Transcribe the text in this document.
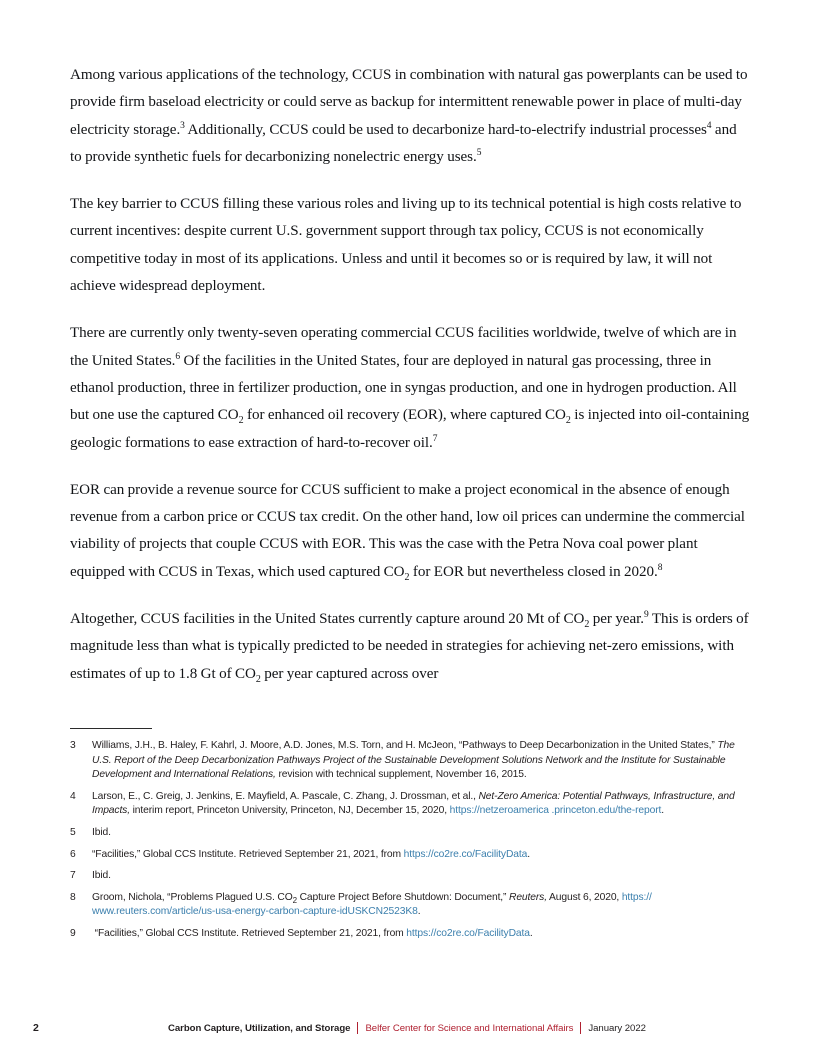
Among various applications of the technology, CCUS in combination with natural gas powerplants can be used to provide firm baseload electricity or could serve as backup for intermittent renewable power in place of multi-day electricity storage.$^3$ Additionally, CCUS could be used to decarbonize hard-to-electrify industrial processes$^4$ and to provide synthetic fuels for decarbonizing nonelectric energy uses.$^5$

The key barrier to CCUS filling these various roles and living up to its technical potential is high costs relative to current incentives: despite current U.S. government support through tax policy, CCUS is not economically competitive today in most of its applications. Unless and until it becomes so or is required by law, it will not achieve widespread deployment.

There are currently only twenty-seven operating commercial CCUS facilities worldwide, twelve of which are in the United States.$^6$ Of the facilities in the United States, four are deployed in natural gas processing, three in ethanol production, three in fertilizer production, one in syngas production, and one in hydrogen production. All but one use the captured $CO_2$ for enhanced oil recovery (EOR), where captured $CO_2$ is injected into oil-containing geologic formations to ease extraction of hard-to-recover oil.$^7$

EOR can provide a revenue source for CCUS sufficient to make a project economical in the absence of enough revenue from a carbon price or CCUS tax credit. On the other hand, low oil prices can undermine the commercial viability of projects that couple CCUS with EOR. This was the case with the Petra Nova coal power plant equipped with CCUS in Texas, which used captured $CO_2$ for EOR but nevertheless closed in 2020.$^8$

Altogether, CCUS facilities in the United States currently capture around 20 Mt of $CO_2$ per year.$^9$ This is orders of magnitude less than what is typically predicted to be needed in strategies for achieving net-zero emissions, with estimates of up to 1.8 Gt of $CO_2$ per year captured across over

3	Williams, J.H., B. Haley, F. Kahrl, J. Moore, A.D. Jones, M.S. Torn, and H. McJeon, “Pathways to Deep Decarbonization in the United States,” The U.S. Report of the Deep Decarbonization Pathways Project of the Sustainable Development Solutions Network and the Institute for Sustainable Development and International Relations, revision with technical supplement, November 16, 2015.
4	Larson, E., C. Greig, J. Jenkins, E. Mayfield, A. Pascale, C. Zhang, J. Drossman, et al., Net-Zero America: Potential Pathways, Infrastructure, and Impacts, interim report, Princeton University, Princeton, NJ, December 15, 2020, https://netzeroamerica .princeton.edu/the-report.
5	Ibid.
6	“Facilities,” Global CCS Institute. Retrieved September 21, 2021, from https://co2re.co/FacilityData.
7	Ibid.
8	Groom, Nichola, “Problems Plagued U.S. $CO_2$ Capture Project Before Shutdown: Document,” Reuters, August 6, 2020, https:// www.reuters.com/article/us-usa-energy-carbon-capture-idUSKCN2523K8.
9	“Facilities,” Global CCS Institute. Retrieved September 21, 2021, from https://co2re.co/FacilityData.
2	Carbon Capture, Utilization, and Storage Belfer Center for Science and International Affairs January 2022
